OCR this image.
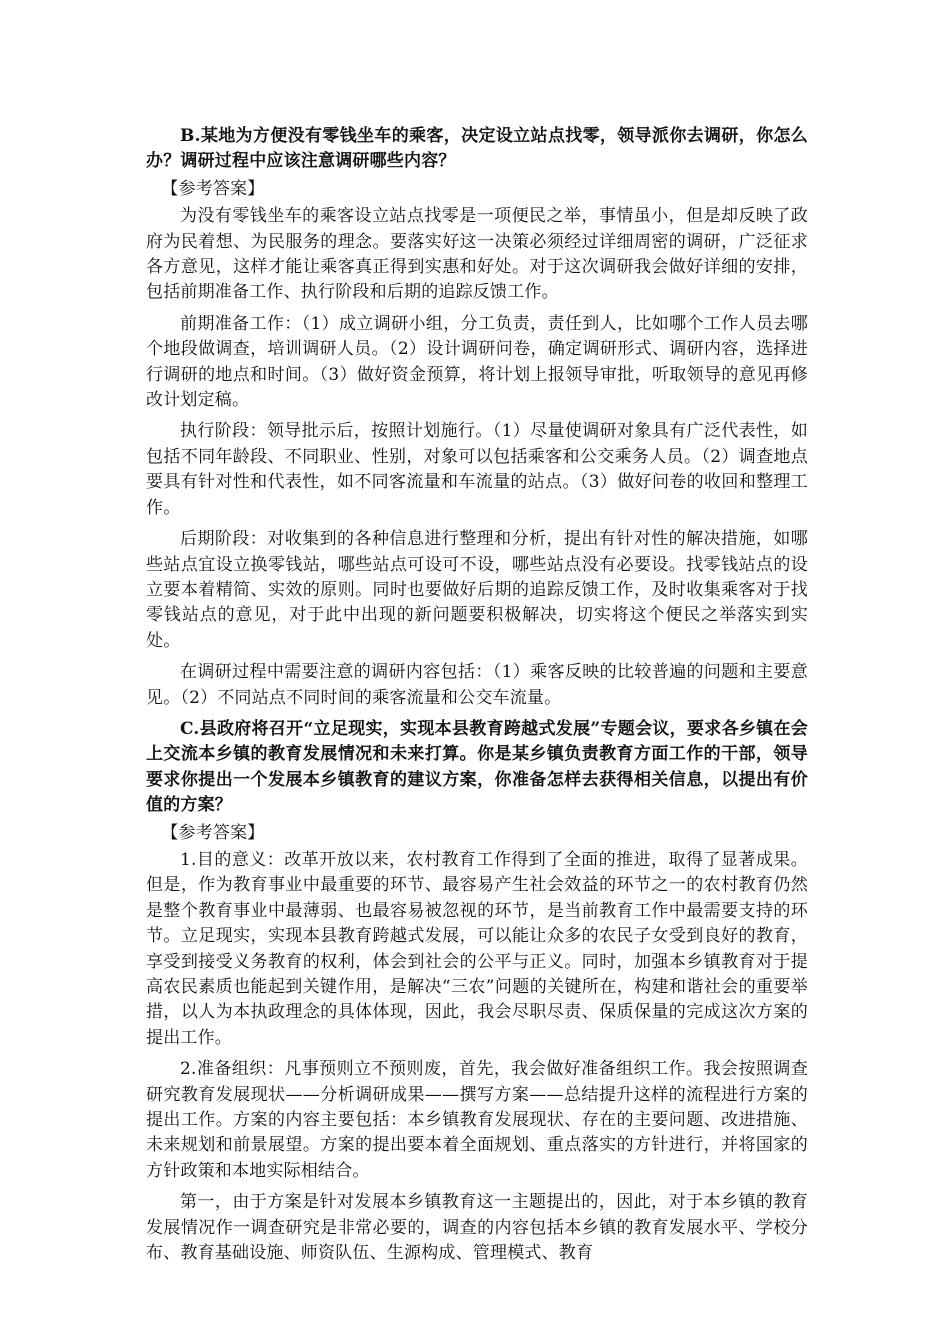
B.某地为方便没有零钱坐车的乘客，决定设立站点找零，领导派你去调研，你怎么办？调研过程中应该注意调研哪些内容？

【参考答案】

为没有零钱坐车的乘客设立站点找零是一项便民之举，事情虽小，但是却反映了政府为民着想、为民服务的理念。要落实好这一决策必须经过详细周密的调研，广泛征求各方意见，这样才能让乘客真正得到实惠和好处。对于这次调研我会做好详细的安排，包括前期准备工作、执行阶段和后期的追踪反馈工作。

前期准备工作：（1）成立调研小组，分工负责，责任到人，比如哪个工作人员去哪个地段做调查，培训调研人员。（2）设计调研问卷，确定调研形式、调研内容，选择进行调研的地点和时间。（3）做好资金预算，将计划上报领导审批，听取领导的意见再修改计划定稿。

执行阶段：领导批示后，按照计划施行。（1）尽量使调研对象具有广泛代表性，如包括不同年龄段、不同职业、性别，对象可以包括乘客和公交乘务人员。（2）调查地点要具有针对性和代表性，如不同客流量和车流量的站点。（3）做好问卷的收回和整理工作。

后期阶段：对收集到的各种信息进行整理和分析，提出有针对性的解决措施，如哪些站点宜设立换零钱站，哪些站点可设可不设，哪些站点没有必要设。找零钱站点的设立要本着精简、实效的原则。同时也要做好后期的追踪反馈工作，及时收集乘客对于找零钱站点的意见，对于此中出现的新问题要积极解决，切实将这个便民之举落实到实处。

在调研过程中需要注意的调研内容包括：（1）乘客反映的比较普遍的问题和主要意见。（2）不同站点不同时间的乘客流量和公交车流量。

C.县政府将召开“立足现实，实现本县教育跨越式发展”专题会议，要求各乡镇在会上交流本乡镇的教育发展情况和未来打算。你是某乡镇负责教育方面工作的干部，领导要求你提出一个发展本乡镇教育的建议方案，你准备怎样去获得相关信息，以提出有价值的方案？

【参考答案】

1.目的意义：改革开放以来，农村教育工作得到了全面的推进，取得了显著成果。但是，作为教育事业中最重要的环节、最容易产生社会效益的环节之一的农村教育仍然是整个教育事业中最薄弱、也最容易被忽视的环节，是当前教育工作中最需要支持的环节。立足现实，实现本县教育跨越式发展，可以能让众多的农民子女受到良好的教育，享受到接受义务教育的权利，体会到社会的公平与正义。同时，加强本乡镇教育对于提高农民素质也能起到关键作用，是解决“三农”问题的关键所在，构建和谐社会的重要举措，以人为本执政理念的具体体现，因此，我会尽职尽责、保质保量的完成这次方案的提出工作。

2.准备组织：凡事预则立不预则废，首先，我会做好准备组织工作。我会按照调查研究教育发展现状——分析调研成果——撰写方案——总结提升这样的流程进行方案的提出工作。方案的内容主要包括：本乡镇教育发展现状、存在的主要问题、改进措施、未来规划和前景展望。方案的提出要本着全面规划、重点落实的方针进行，并将国家的方针政策和本地实际相结合。

第一，由于方案是针对发展本乡镇教育这一主题提出的，因此，对于本乡镇的教育发展情况作一调查研究是非常必要的，调查的内容包括本乡镇的教育发展水平、学校分布、教育基础设施、师资队伍、生源构成、管理模式、教育
